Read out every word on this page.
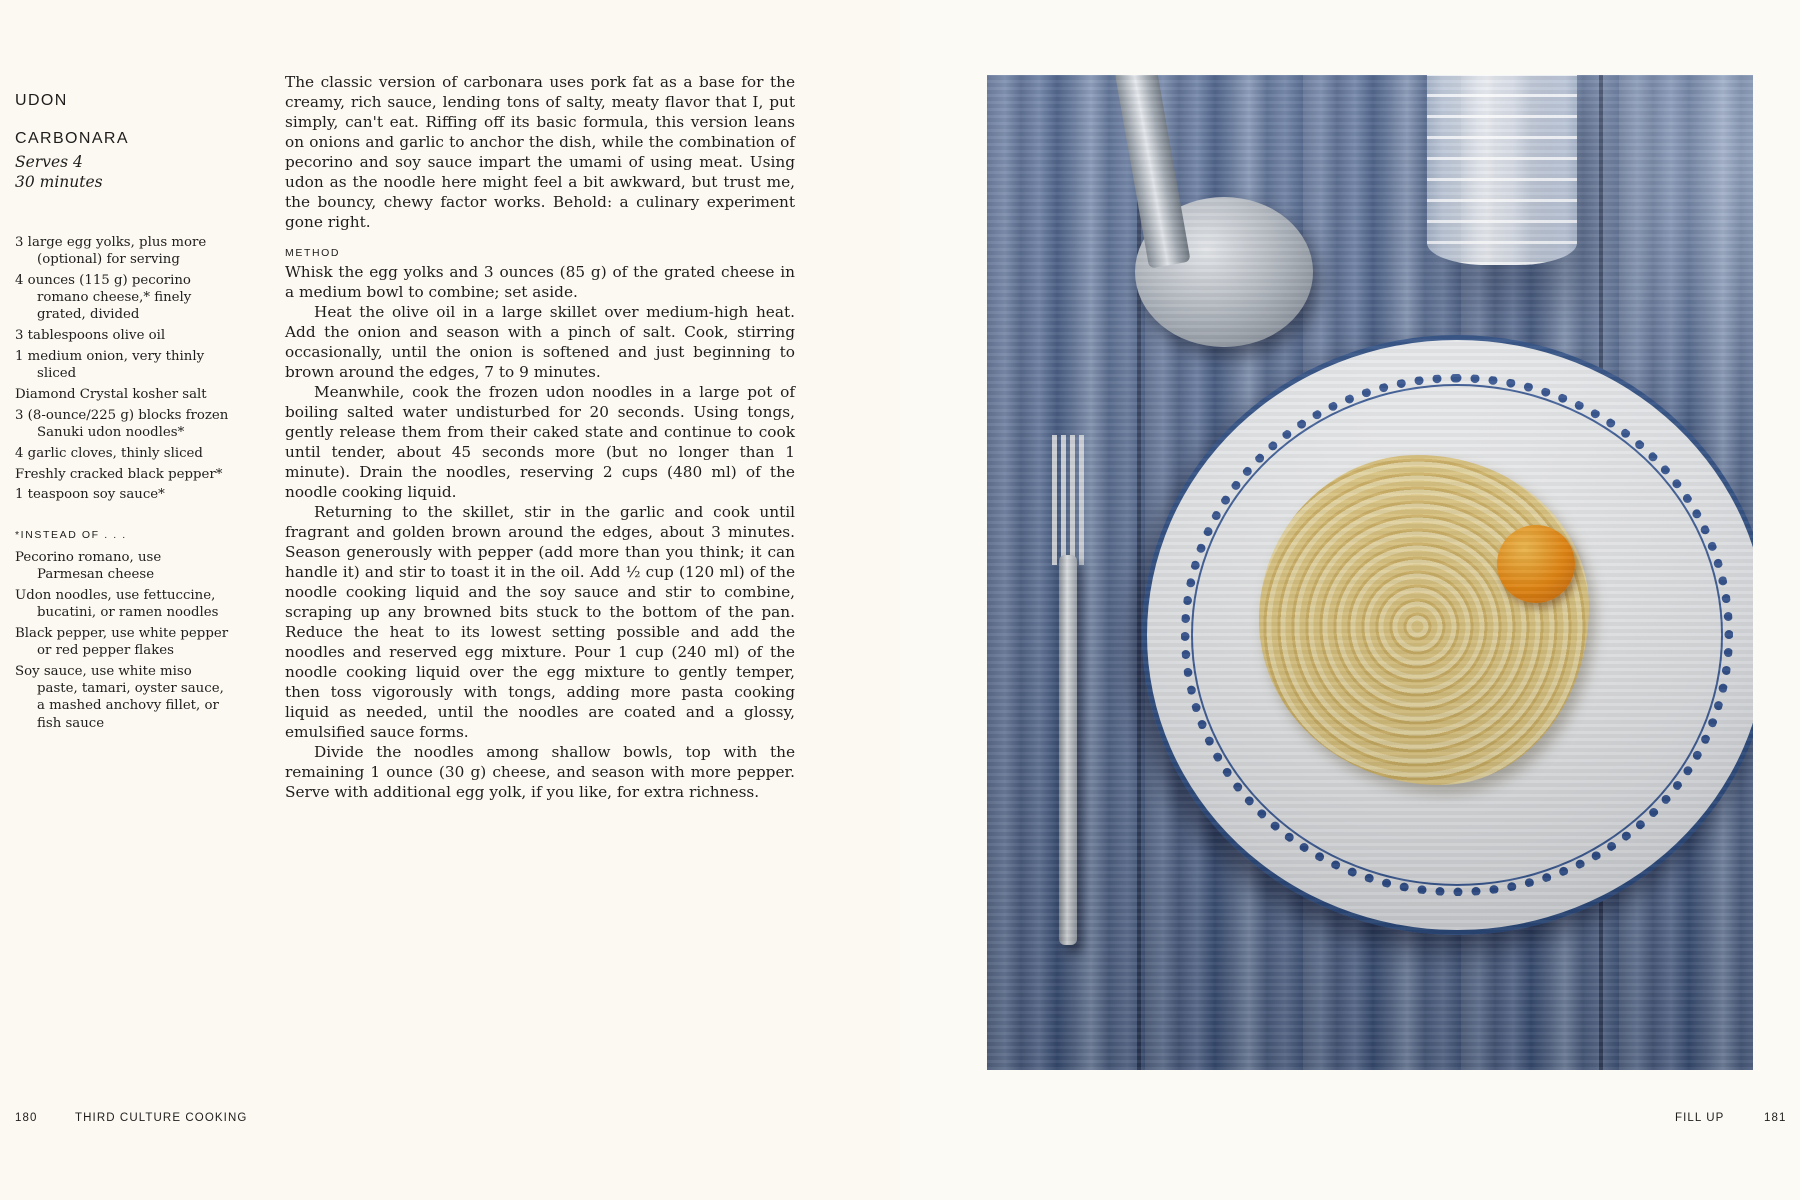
UDON

CARBONARA

Serves 4
30 minutes
3 large egg yolks, plus more (optional) for serving
4 ounces (115 g) pecorino romano cheese,* finely grated, divided
3 tablespoons olive oil
1 medium onion, very thinly sliced
Diamond Crystal kosher salt
3 (8-ounce/225 g) blocks frozen Sanuki udon noodles*
4 garlic cloves, thinly sliced
Freshly cracked black pepper*
1 teaspoon soy sauce*
*INSTEAD OF . . .
Pecorino romano, use Parmesan cheese
Udon noodles, use fettuccine, bucatini, or ramen noodles
Black pepper, use white pepper or red pepper flakes
Soy sauce, use white miso paste, tamari, oyster sauce, a mashed anchovy fillet, or fish sauce

The classic version of carbonara uses pork fat as a base for the creamy, rich sauce, lending tons of salty, meaty flavor that I, put simply, can't eat. Riffing off its basic formula, this version leans on onions and garlic to anchor the dish, while the combination of pecorino and soy sauce impart the umami of using meat. Using udon as the noodle here might feel a bit awkward, but trust me, the bouncy, chewy factor works. Behold: a culinary experiment gone right.

METHOD

Whisk the egg yolks and 3 ounces (85 g) of the grated cheese in a medium bowl to combine; set aside.

Heat the olive oil in a large skillet over medium-high heat. Add the onion and season with a pinch of salt. Cook, stirring occasionally, until the onion is softened and just beginning to brown around the edges, 7 to 9 minutes.

Meanwhile, cook the frozen udon noodles in a large pot of boiling salted water undisturbed for 20 seconds. Using tongs, gently release them from their caked state and continue to cook until tender, about 45 seconds more (but no longer than 1 minute). Drain the noodles, reserving 2 cups (480 ml) of the noodle cooking liquid.

Returning to the skillet, stir in the garlic and cook until fragrant and golden brown around the edges, about 3 minutes. Season generously with pepper (add more than you think; it can handle it) and stir to toast it in the oil. Add ½ cup (120 ml) of the noodle cooking liquid and the soy sauce and stir to combine, scraping up any browned bits stuck to the bottom of the pan. Reduce the heat to its lowest setting possible and add the noodles and reserved egg mixture. Pour 1 cup (240 ml) of the noodle cooking liquid over the egg mixture to gently temper, then toss vigorously with tongs, adding more pasta cooking liquid as needed, until the noodles are coated and a glossy, emulsified sauce forms.

Divide the noodles among shallow bowls, top with the remaining 1 ounce (30 g) cheese, and season with more pepper. Serve with additional egg yolk, if you like, for extra richness.

180	THIRD CULTURE COOKING	FILL UP	181
